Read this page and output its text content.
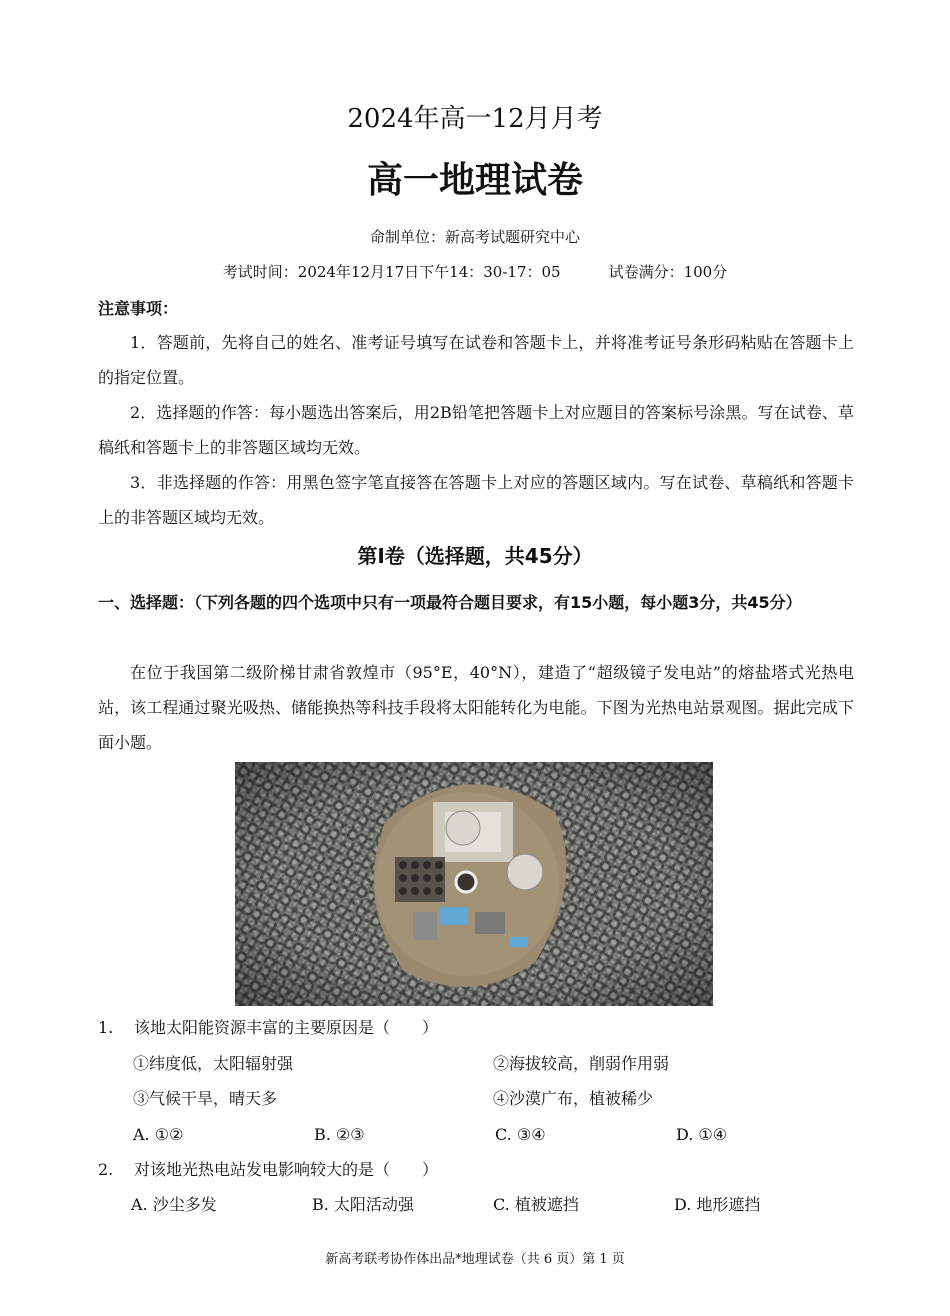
2024年高一12月月考
高一地理试卷
命制单位：新高考试题研究中心
考试时间：2024年12月17日下午14：30-17：05	试卷满分：100分
注意事项：

1．答题前，先将自己的姓名、准考证号填写在试卷和答题卡上，并将准考证号条形码粘贴在答题卡上的指定位置。

2．选择题的作答：每小题选出答案后，用2B铅笔把答题卡上对应题目的答案标号涂黑。写在试卷、草稿纸和答题卡上的非答题区域均无效。

3．非选择题的作答：用黑色签字笔直接答在答题卡上对应的答题区域内。写在试卷、草稿纸和答题卡上的非答题区域均无效。

第Ⅰ卷（选择题，共45分）

一、选择题：（下列各题的四个选项中只有一项最符合题目要求，有15小题，每小题3分，共45分）

在位于我国第二级阶梯甘肃省敦煌市（95°E，40°N），建造了“超级镜子发电站”的熔盐塔式光热电站，该工程通过聚光吸热、储能换热等科技手段将太阳能转化为电能。下图为光热电站景观图。据此完成下面小题。

1. 该地太阳能资源丰富的主要原因是（　　）
①纬度低，太阳辐射强	②海拔较高，削弱作用弱
③气候干旱，晴天多	④沙漠广布，植被稀少
A. ①②	B. ②③	C. ③④	D. ①④
2. 对该地光热电站发电影响较大的是（　　）
A. 沙尘多发	B. 太阳活动强	C. 植被遮挡	D. 地形遮挡
新高考联考协作体出品*地理试卷（共 6 页）第 1 页
